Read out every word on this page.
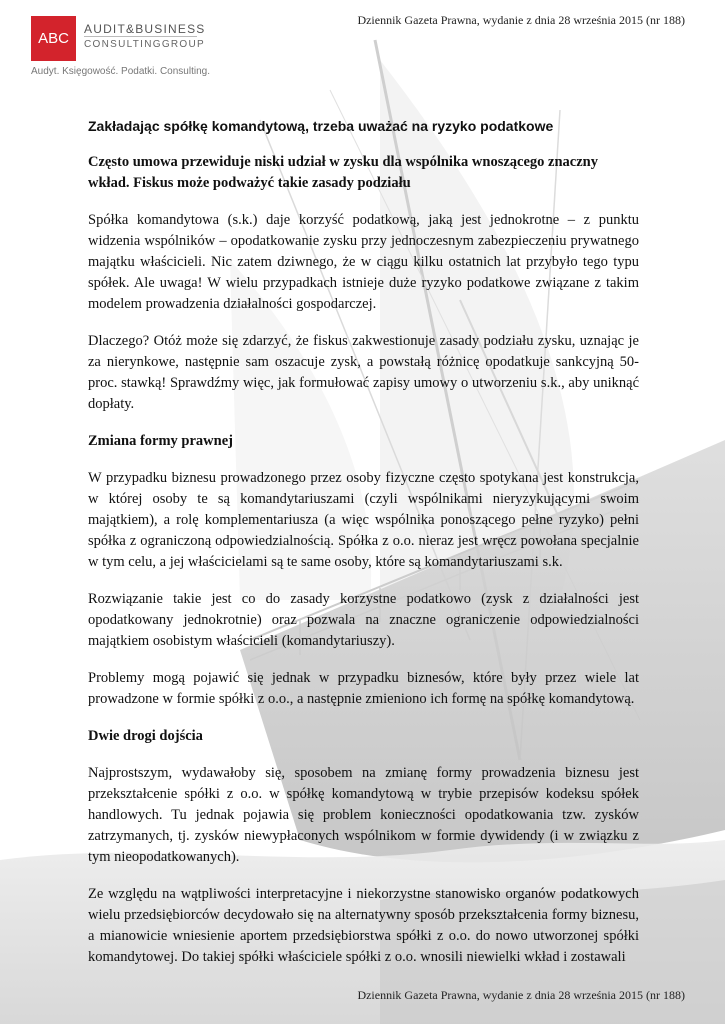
ABC
AUDIT&BUSINESS
CONSULTINGGROUP
Audyt. Księgowość. Podatki. Consulting.
Dziennik Gazeta Prawna, wydanie z dnia 28 września 2015 (nr 188)
Zakładając spółkę komandytową, trzeba uważać na ryzyko podatkowe

Często umowa przewiduje niski udział w zysku dla wspólnika wnoszącego znaczny wkład. Fiskus może podważyć takie zasady podziału

Spółka komandytowa (s.k.) daje korzyść podatkową, jaką jest jednokrotne – z punktu widzenia wspólników – opodatkowanie zysku przy jednoczesnym zabezpieczeniu prywatnego majątku właścicieli. Nic zatem dziwnego, że w ciągu kilku ostatnich lat przybyło tego typu spółek. Ale uwaga! W wielu przypadkach istnieje duże ryzyko podatkowe związane z takim modelem prowadzenia działalności gospodarczej.

Dlaczego? Otóż może się zdarzyć, że fiskus zakwestionuje zasady podziału zysku, uznając je za nierynkowe, następnie sam oszacuje zysk, a powstałą różnicę opodatkuje sankcyjną 50-proc. stawką! Sprawdźmy więc, jak formułować zapisy umowy o utworzeniu s.k., aby uniknąć dopłaty.

Zmiana formy prawnej

W przypadku biznesu prowadzonego przez osoby fizyczne często spotykana jest konstrukcja, w której osoby te są komandytariuszami (czyli wspólnikami nieryzykującymi swoim majątkiem), a rolę komplementariusza (a więc wspólnika ponoszącego pełne ryzyko) pełni spółka z ograniczoną odpowiedzialnością. Spółka z o.o. nieraz jest wręcz powołana specjalnie w tym celu, a jej właścicielami są te same osoby, które są komandytariuszami s.k.

Rozwiązanie takie jest co do zasady korzystne podatkowo (zysk z działalności jest opodatkowany jednokrotnie) oraz pozwala na znaczne ograniczenie odpowiedzialności majątkiem osobistym właścicieli (komandytariuszy).

Problemy mogą pojawić się jednak w przypadku biznesów, które były przez wiele lat prowadzone w formie spółki z o.o., a następnie zmieniono ich formę na spółkę komandytową.

Dwie drogi dojścia

Najprostszym, wydawałoby się, sposobem na zmianę formy prowadzenia biznesu jest przekształcenie spółki z o.o. w spółkę komandytową w trybie przepisów kodeksu spółek handlowych. Tu jednak pojawia się problem konieczności opodatkowania tzw. zysków zatrzymanych, tj. zysków niewypłaconych wspólnikom w formie dywidendy (i w związku z tym nieopodatkowanych).

Ze względu na wątpliwości interpretacyjne i niekorzystne stanowisko organów podatkowych wielu przedsiębiorców decydowało się na alternatywny sposób przekształcenia formy biznesu, a mianowicie wniesienie aportem przedsiębiorstwa spółki z o.o. do nowo utworzonej spółki komandytowej. Do takiej spółki właściciele spółki z o.o. wnosili niewielki wkład i zostawali

Dziennik Gazeta Prawna, wydanie z dnia 28 września 2015 (nr 188)
